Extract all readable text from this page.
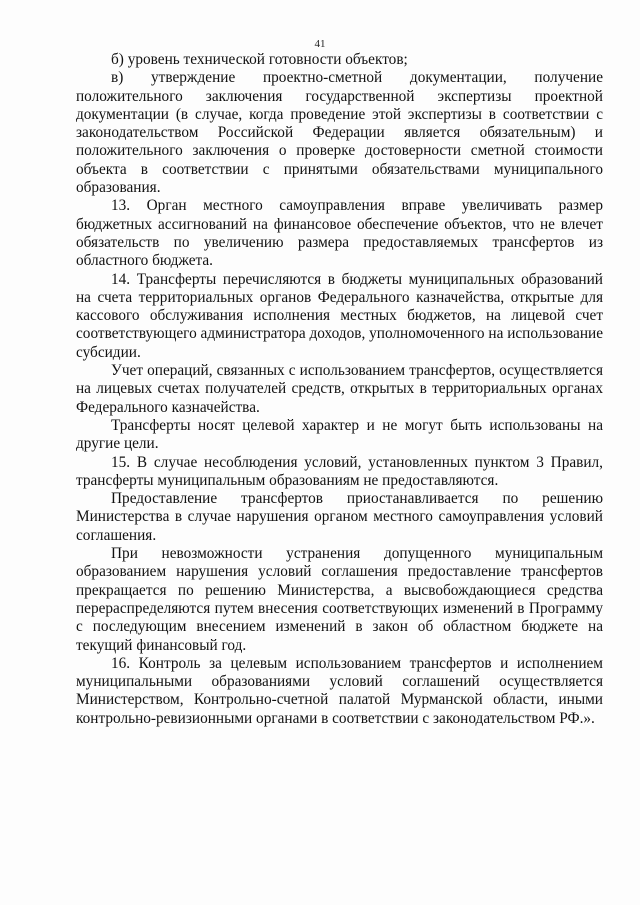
41

б) уровень технической готовности объектов;

в) утверждение проектно-сметной документации, получение положительного заключения государственной экспертизы проектной документации (в случае, когда проведение этой экспертизы в соответствии с законодательством Российской Федерации является обязательным) и положительного заключения о проверке достоверности сметной стоимости объекта в соответствии с принятыми обязательствами муниципального образования.

13. Орган местного самоуправления вправе увеличивать размер бюджетных ассигнований на финансовое обеспечение объектов, что не влечет обязательств по увеличению размера предоставляемых трансфертов из областного бюджета.

14. Трансферты перечисляются в бюджеты муниципальных образований на счета территориальных органов Федерального казначейства, открытые для кассового обслуживания исполнения местных бюджетов, на лицевой счет соответствующего администратора доходов, уполномоченного на использование субсидии.

Учет операций, связанных с использованием трансфертов, осуществляется на лицевых счетах получателей средств, открытых в территориальных органах Федерального казначейства.

Трансферты носят целевой характер и не могут быть использованы на другие цели.

15. В случае несоблюдения условий, установленных пунктом 3 Правил, трансферты муниципальным образованиям не предоставляются.

Предоставление трансфертов приостанавливается по решению Министерства в случае нарушения органом местного самоуправления условий соглашения.

При невозможности устранения допущенного муниципальным образованием нарушения условий соглашения предоставление трансфертов прекращается по решению Министерства, а высвобождающиеся средства перераспределяются путем внесения соответствующих изменений в Программу с последующим внесением изменений в закон об областном бюджете на текущий финансовый год.

16. Контроль за целевым использованием трансфертов и исполнением муниципальными образованиями условий соглашений осуществляется Министерством, Контрольно-счетной палатой Мурманской области, иными контрольно-ревизионными органами в соответствии с законодательством РФ.».
